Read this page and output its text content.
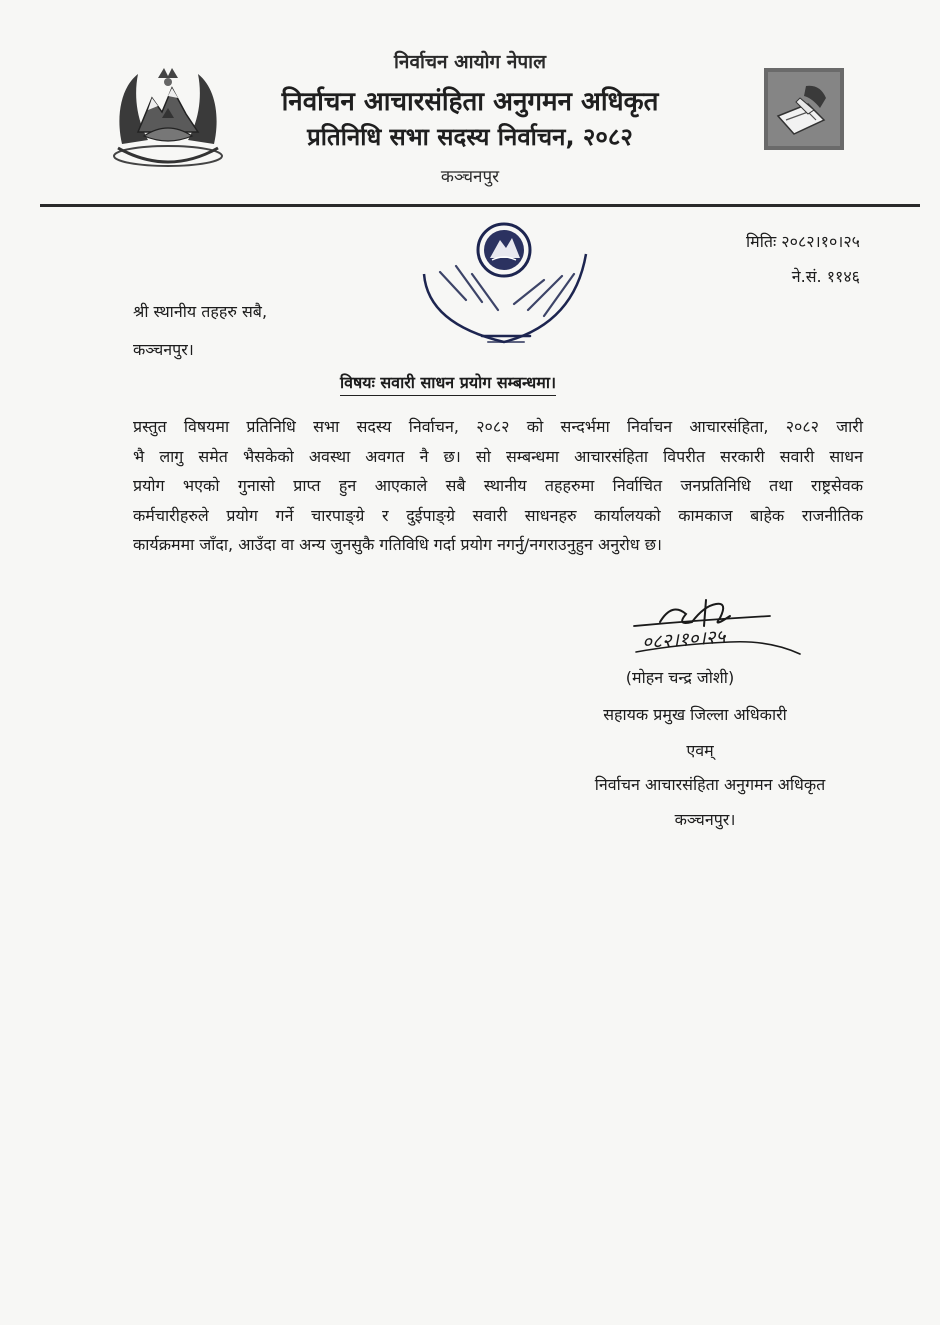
निर्वाचन आयोग नेपाल
निर्वाचन आचारसंहिता अनुगमन अधिकृत
प्रतिनिधि सभा सदस्य निर्वाचन, २०८२
कञ्चनपुर
मितिः २०८२।१०।२५
ने.सं. ११४६
श्री स्थानीय तहहरु सबै,
कञ्चनपुर।
विषयः सवारी साधन प्रयोग सम्बन्धमा।
प्रस्तुत विषयमा प्रतिनिधि सभा सदस्य निर्वाचन, २०८२ को सन्दर्भमा निर्वाचन आचारसंहिता, २०८२ जारी
भै लागु समेत भैसकेको अवस्था अवगत नै छ। सो सम्बन्धमा आचारसंहिता विपरीत सरकारी सवारी साधन
प्रयोग भएको गुनासो प्राप्त हुन आएकाले सबै स्थानीय तहहरुमा निर्वाचित जनप्रतिनिधि तथा राष्ट्रसेवक
कर्मचारीहरुले प्रयोग गर्ने चारपाङ्ग्रे र दुईपाङ्ग्रे सवारी साधनहरु कार्यालयको कामकाज बाहेक राजनीतिक
कार्यक्रममा जाँदा, आउँदा वा अन्य जुनसुकै गतिविधि गर्दा प्रयोग नगर्नु/नगराउनुहुन अनुरोध छ।
०८२।१०।२५
(मोहन चन्द्र जोशी)
सहायक प्रमुख जिल्ला अधिकारी
एवम्
निर्वाचन आचारसंहिता अनुगमन अधिकृत
कञ्चनपुर।
